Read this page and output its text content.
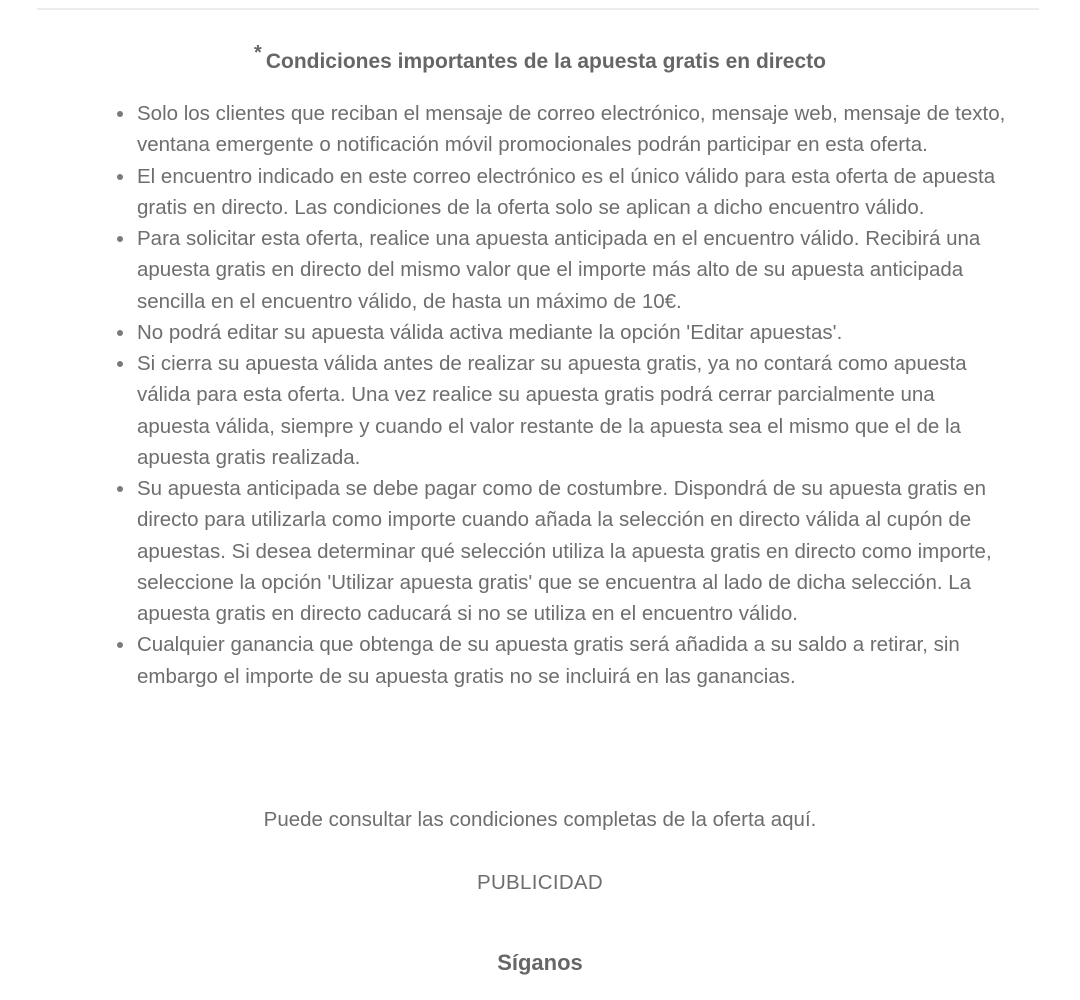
* Condiciones importantes de la apuesta gratis en directo
Solo los clientes que reciban el mensaje de correo electrónico, mensaje web, mensaje de texto, ventana emergente o notificación móvil promocionales podrán participar en esta oferta.
El encuentro indicado en este correo electrónico es el único válido para esta oferta de apuesta gratis en directo. Las condiciones de la oferta solo se aplican a dicho encuentro válido.
Para solicitar esta oferta, realice una apuesta anticipada en el encuentro válido. Recibirá una apuesta gratis en directo del mismo valor que el importe más alto de su apuesta anticipada sencilla en el encuentro válido, de hasta un máximo de 10€.
No podrá editar su apuesta válida activa mediante la opción 'Editar apuestas'.
Si cierra su apuesta válida antes de realizar su apuesta gratis, ya no contará como apuesta válida para esta oferta. Una vez realice su apuesta gratis podrá cerrar parcialmente una apuesta válida, siempre y cuando el valor restante de la apuesta sea el mismo que el de la apuesta gratis realizada.
Su apuesta anticipada se debe pagar como de costumbre. Dispondrá de su apuesta gratis en directo para utilizarla como importe cuando añada la selección en directo válida al cupón de apuestas. Si desea determinar qué selección utiliza la apuesta gratis en directo como importe, seleccione la opción 'Utilizar apuesta gratis' que se encuentra al lado de dicha selección. La apuesta gratis en directo caducará si no se utiliza en el encuentro válido.
Cualquier ganancia que obtenga de su apuesta gratis será añadida a su saldo a retirar, sin embargo el importe de su apuesta gratis no se incluirá en las ganancias.
Puede consultar las condiciones completas de la oferta aquí.
PUBLICIDAD
Síganos
